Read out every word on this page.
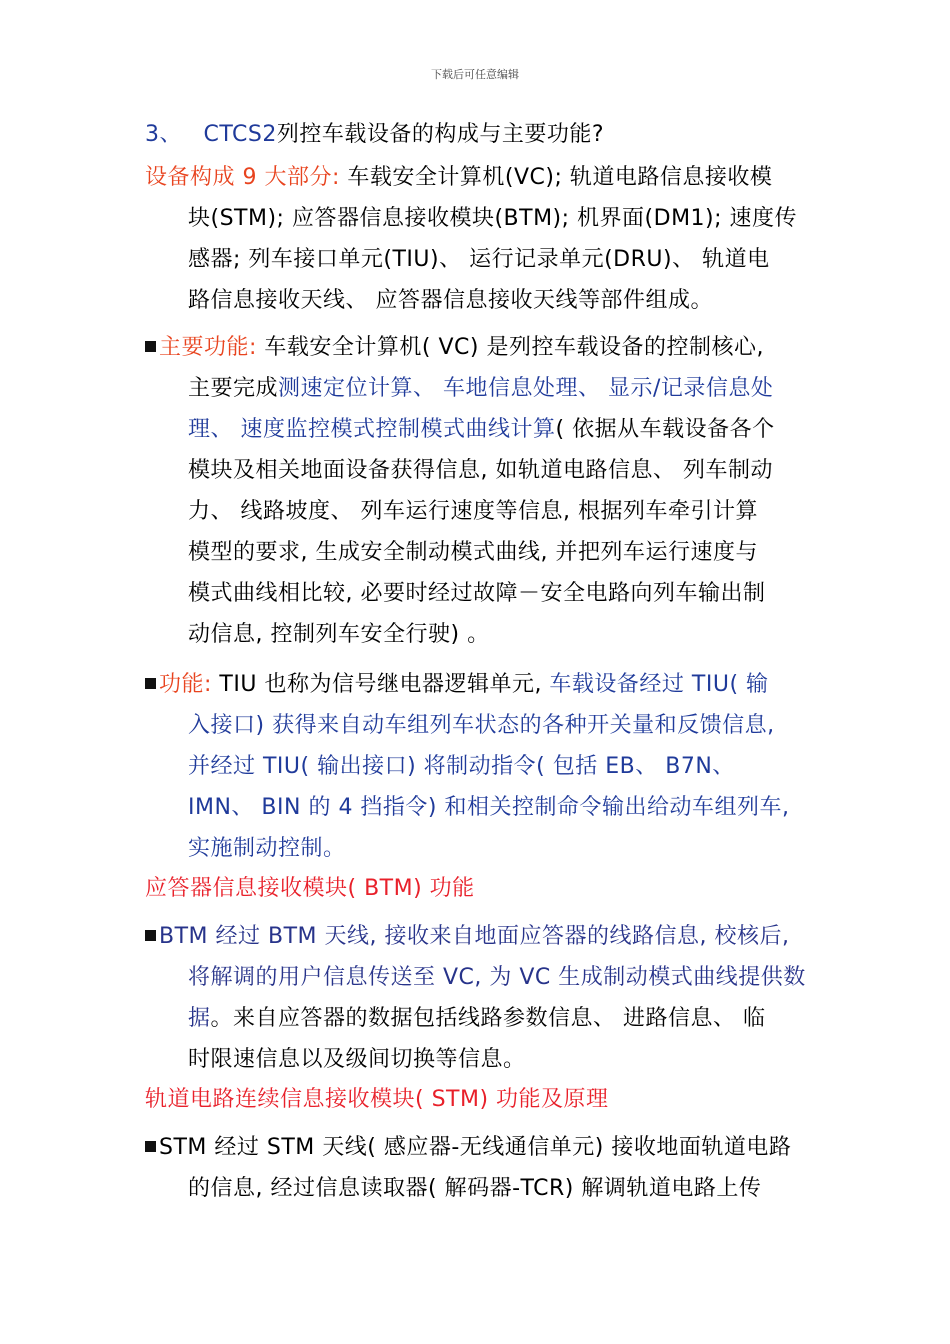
下载后可任意编辑
3、 CTCS2列控车载设备的构成与主要功能?
设备构成 9 大部分: 车载安全计算机(VC); 轨道电路信息接收模
块(STM); 应答器信息接收模块(BTM); 机界面(DM1); 速度传
感器; 列车接口单元(TIU)、 运行记录单元(DRU)、 轨道电
路信息接收天线、 应答器信息接收天线等部件组成。
主要功能: 车载安全计算机( VC) 是列控车载设备的控制核心,
主要完成测速定位计算、 车地信息处理、 显示/记录信息处
理、 速度监控模式控制模式曲线计算( 依据从车载设备各个
模块及相关地面设备获得信息, 如轨道电路信息、 列车制动
力、 线路坡度、 列车运行速度等信息, 根据列车牵引计算
模型的要求, 生成安全制动模式曲线, 并把列车运行速度与
模式曲线相比较, 必要时经过故障－安全电路向列车输出制
动信息, 控制列车安全行驶) 。
功能: TIU 也称为信号继电器逻辑单元, 车载设备经过 TIU( 输
入接口) 获得来自动车组列车状态的各种开关量和反馈信息,
并经过 TIU( 输出接口) 将制动指令( 包括 EB、 B7N、
IMN、 BIN 的 4 挡指令) 和相关控制命令输出给动车组列车,
实施制动控制。
应答器信息接收模块( BTM) 功能
BTM 经过 BTM 天线, 接收来自地面应答器的线路信息, 校核后,
将解调的用户信息传送至 VC, 为 VC 生成制动模式曲线提供数
据。来自应答器的数据包括线路参数信息、 进路信息、 临
时限速信息以及级间切换等信息。
轨道电路连续信息接收模块( STM) 功能及原理
STM 经过 STM 天线( 感应器-无线通信单元) 接收地面轨道电路
的信息, 经过信息读取器( 解码器-TCR) 解调轨道电路上传
